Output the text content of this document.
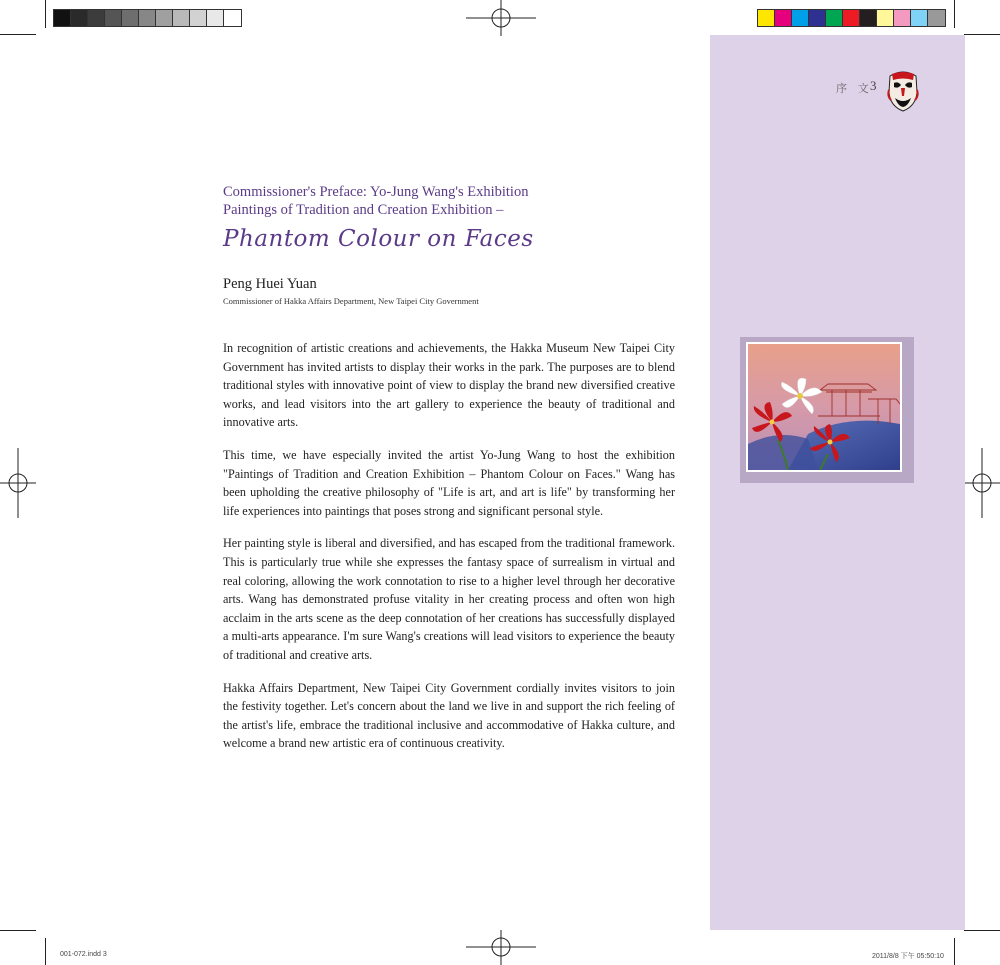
序 文
3
Commissioner's Preface: Yo-Jung Wang's Exhibition
Paintings of Tradition and Creation Exhibition –
Phantom Colour on Faces
Peng Huei Yuan
Commissioner of Hakka Affairs Department, New Taipei City Government

In recognition of artistic creations and achievements, the Hakka Museum New Taipei City Government has invited artists to display their works in the park. The purposes are to blend traditional styles with innovative point of view to display the brand new diversified creative works, and lead visitors into the art gallery to experience the beauty of traditional and innovative arts.

This time, we have especially invited the artist Yo-Jung Wang to host the exhibition "Paintings of Tradition and Creation Exhibition – Phantom Colour on Faces." Wang has been upholding the creative philosophy of "Life is art, and art is life" by transforming her life experiences into paintings that poses strong and significant personal style.

Her painting style is liberal and diversified, and has escaped from the traditional framework. This is particularly true while she expresses the fantasy space of surrealism in virtual and real coloring, allowing the work connotation to rise to a higher level through her decorative arts. Wang has demonstrated profuse vitality in her creating process and often won high acclaim in the arts scene as the deep connotation of her creations has successfully displayed a multi-arts appearance. I'm sure Wang's creations will lead visitors to experience the beauty of traditional and creative arts.

Hakka Affairs Department, New Taipei City Government cordially invites visitors to join the festivity together. Let's concern about the land we live in and support the rich feeling of the artist's life, embrace the traditional inclusive and accommodative of Hakka culture, and welcome a brand new artistic era of continuous creativity.

001-072.indd 3	2011/8/8 下午 05:50:10
